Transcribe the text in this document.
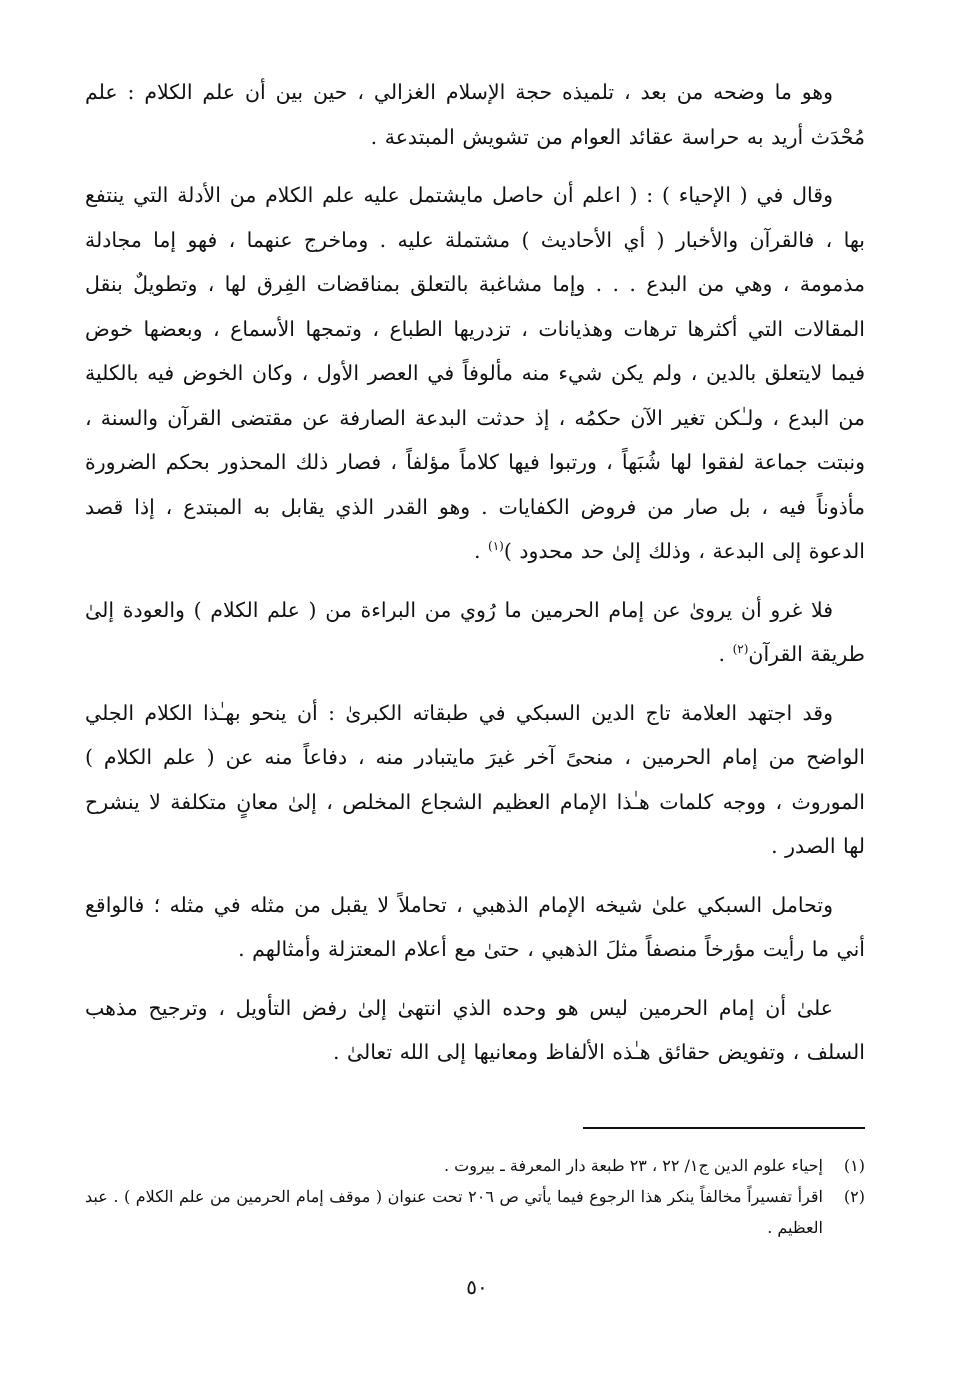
وهو ما وضحه من بعد ، تلميذه حجة الإسلام الغزالي ، حين بين أن علم الكلام : علم مُحْدَث أريد به حراسة عقائد العوام من تشويش المبتدعة .

وقال في ( الإحياء ) : ( اعلم أن حاصل مايشتمل عليه علم الكلام من الأدلة التي ينتفع بها ، فالقرآن والأخبار ( أي الأحاديث ) مشتملة عليه . وماخرج عنهما ، فهو إما مجادلة مذمومة ، وهي من البدع . . . وإما مشاغبة بالتعلق بمناقضات الفِرق لها ، وتطويلٌ بنقل المقالات التي أكثرها ترهات وهذيانات ، تزدريها الطباع ، وتمجها الأسماع ، وبعضها خوض فيما لايتعلق بالدين ، ولم يكن شيء منه مألوفاً في العصر الأول ، وكان الخوض فيه بالكلية من البدع ، ولـٰكن تغير الآن حكمُه ، إذ حدثت البدعة الصارفة عن مقتضى القرآن والسنة ، ونبتت جماعة لفقوا لها شُبَهاً ، ورتبوا فيها كلاماً مؤلفاً ، فصار ذلك المحذور بحكم الضرورة مأذوناً فيه ، بل صار من فروض الكفايات . وهو القدر الذي يقابل به المبتدع ، إذا قصد الدعوة إلى البدعة ، وذلك إلىٰ حد محدود )$^{(١)}$ .

فلا غرو أن يروىٰ عن إمام الحرمين ما رُوي من البراءة من ( علم الكلام ) والعودة إلىٰ طريقة القرآن$^{(٢)}$ .

وقد اجتهد العلامة تاج الدين السبكي في طبقاته الكبرىٰ : أن ينحو بهـٰذا الكلام الجلي الواضح من إمام الحرمين ، منحىً آخر غيرَ مايتبادر منه ، دفاعاً منه عن ( علم الكلام ) الموروث ، ووجه كلمات هـٰذا الإمام العظيم الشجاع المخلص ، إلىٰ معانٍ متكلفة لا ينشرح لها الصدر .

وتحامل السبكي علىٰ شيخه الإمام الذهبي ، تحاملاً لا يقبل من مثله في مثله ؛ فالواقع أني ما رأيت مؤرخاً منصفاً مثلَ الذهبي ، حتىٰ مع أعلام المعتزلة وأمثالهم .

علىٰ أن إمام الحرمين ليس هو وحده الذي انتهىٰ إلىٰ رفض التأويل ، وترجيح مذهب السلف ، وتفويض حقائق هـٰذه الألفاظ ومعانيها إلى الله تعالىٰ .

(١)
إحياء علوم الدين ج١/ ٢٢ ، ٢٣ طبعة دار المعرفة ـ بيروت .
(٢)
اقرأ تفسيراً مخالفاً ينكر هذا الرجوع فيما يأتي ص ٢٠٦ تحت عنوان ( موقف إمام الحرمين من علم الكلام ) . عبد العظيم .
٥٠
